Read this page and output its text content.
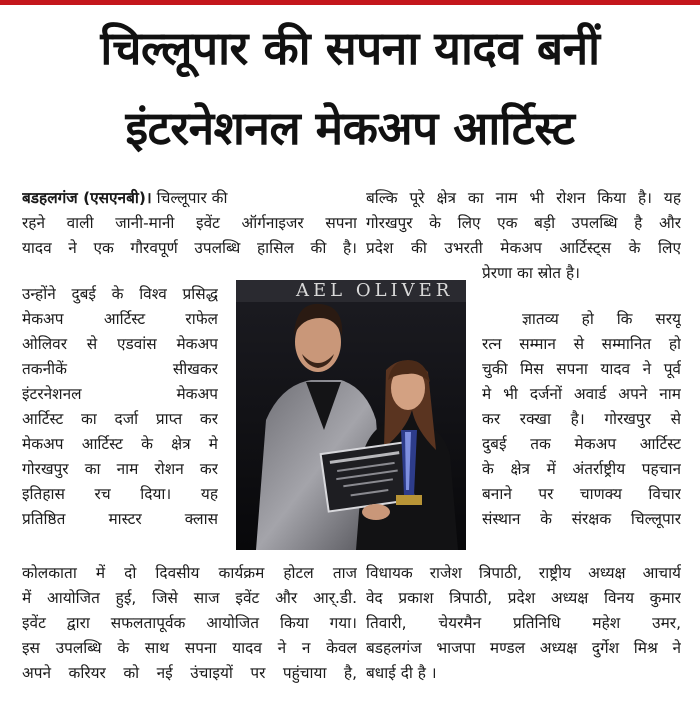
चिल्लूपार की सपना यादव बनीं
इंटरनेशनल मेकअप आर्टिस्ट
बडहलगंज (एसएनबी)। चिल्लूपार की
रहने वाली जानी-मानी इवेंट ऑर्गनाइजर सपना
यादव ने एक गौरवपूर्ण उपलब्धि हासिल की है।
उन्होंने दुबई के विश्व प्रसिद्ध
मेकअप आर्टिस्ट राफेल
ओलिवर से एडवांस मेकअप
तकनीकें सीखकर
इंटरनेशनल मेकअप
आर्टिस्ट का दर्जा प्राप्त कर
मेकअप आर्टिस्ट के क्षेत्र मे
गोरखपुर का नाम रोशन कर
इतिहास रच दिया। यह
प्रतिष्ठित मास्टर क्लास
कोलकाता में दो दिवसीय कार्यक्रम होटल ताज
में आयोजित हुई, जिसे साज इवेंट और आर्.डी.
इवेंट द्वारा सफलतापूर्वक आयोजित किया गया।
इस उपलब्धि के साथ सपना यादव ने न केवल
अपने करियर को नई उंचाइयों पर पहुंचाया है,
बल्कि पूरे क्षेत्र का नाम भी रोशन किया है। यह
गोरखपुर के लिए एक बड़ी उपलब्धि है और
प्रदेश की उभरती मेकअप आर्टिस्ट्स के लिए
प्रेरणा का स्रोत है।
ज्ञातव्य हो कि सरयू
रत्न सम्मान से सम्मानित हो
चुकी मिस सपना यादव ने पूर्व
मे भी दर्जनों अवार्ड अपने नाम
कर रक्खा है। गोरखपुर से
दुबई तक मेकअप आर्टिस्ट
के क्षेत्र में अंतर्राष्ट्रीय पहचान
बनाने पर चाणक्य विचार
संस्थान के संरक्षक चिल्लूपार
विधायक राजेश त्रिपाठी, राष्ट्रीय अध्यक्ष आचार्य
वेद प्रकाश त्रिपाठी, प्रदेश अध्यक्ष विनय कुमार
तिवारी, चेयरमैन प्रतिनिधि महेश उमर,
बडहलगंज भाजपा मण्डल अध्यक्ष दुर्गेश मिश्र ने
बधाई दी है ।
AEL OLIVER
